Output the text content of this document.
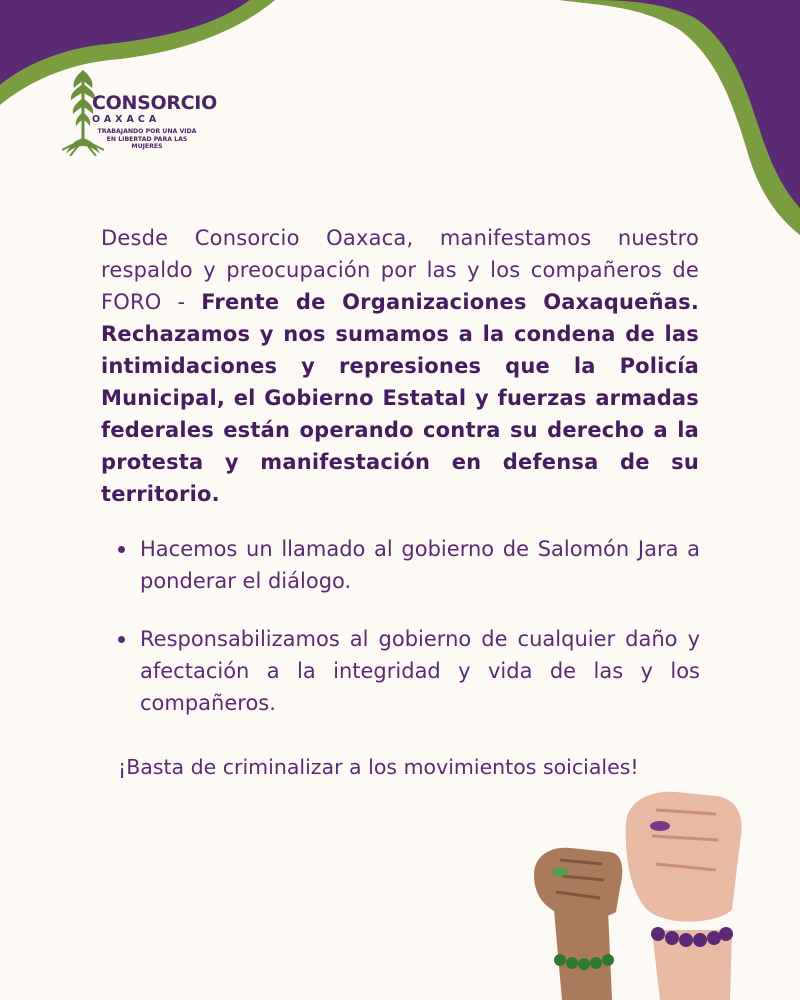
CONSORCIO
OAXACA
TRABAJANDO POR UNA VIDA EN LIBERTAD PARA LAS MUJERES

Desde Consorcio Oaxaca, manifestamos nuestro respaldo y preocupación por las y los compañeros de FORO - Frente de Organizaciones Oaxaqueñas. Rechazamos y nos sumamos a la condena de las intimidaciones y represiones que la Policía Municipal, el Gobierno Estatal y fuerzas armadas federales están operando contra su derecho a la protesta y manifestación en defensa de su territorio.

Hacemos un llamado al gobierno de Salomón Jara a ponderar el diálogo.
Responsabilizamos al gobierno de cualquier daño y afectación a la integridad y vida de las y los compañeros.

¡Basta de criminalizar a los movimientos soiciales!
